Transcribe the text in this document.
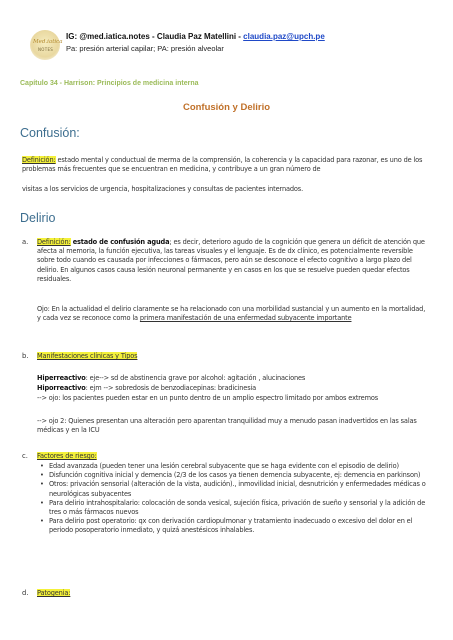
Med.iatica
NOTES
IG: @med.iatica.notes - Claudia Paz Matellini - claudia.paz@upch.pe
Pa: presión arterial capilar; PA: presión alveolar
Capítulo 34 - Harrison: Principios de medicina interna
Confusión y Delirio
Confusión:
Definición: estado mental y conductual de merma de la comprensión, la coherencia y la capacidad para razonar, es uno de los problemas más frecuentes que se encuentran en medicina, y contribuye a un gran número de
visitas a los servicios de urgencia, hospitalizaciones y consultas de pacientes internados.
Delirio
a. Definición: estado de confusión aguda; es decir, deterioro agudo de la cognición que genera un déficit de atención que afecta al memoria, la función ejecutiva, las tareas visuales y el lenguaje. Es de dx clínico, es potencialmente reversible sobre todo cuando es causada por infecciones o fármacos, pero aún se desconoce el efecto cognitivo a largo plazo del delirio. En algunos casos causa lesión neuronal permanente y en casos en los que se resuelve pueden quedar efectos residuales.
Ojo: En la actualidad el delirio claramente se ha relacionado con una morbilidad sustancial y un aumento en la mortalidad, y cada vez se reconoce como la primera manifestación de una enfermedad subyacente importante
b. Manifestaciones clínicas y Tipos
Hiperreactivo: eje--> sd de abstinencia grave por alcohol: agitación , alucinaciones
Hiporreactivo: ejm --> sobredosis de benzodiacepinas: bradicinesia
--> ojo: los pacientes pueden estar en un punto dentro de un amplio espectro limitado por ambos extremos
--> ojo 2: Quienes presentan una alteración pero aparentan tranquilidad muy a menudo pasan inadvertidos en las salas médicas y en la ICU
c. Factores de riesgo:
• Edad avanzada (pueden tener una lesión cerebral subyacente que se haga evidente con el episodio de delirio)
• Disfunción cognitiva inicial y demencia (2/3 de los casos ya tienen demencia subyacente, ej: demencia en parkinson)
• Otros: privación sensorial (alteración de la vista, audición)., inmovilidad inicial, desnutrición y enfermedades médicas o neurológicas subyacentes
• Para delirio intrahospitalario: colocación de sonda vesical, sujeción física, privación de sueño y sensorial y la adición de tres o más fármacos nuevos
• Para delirio post operatorio: qx con derivación cardiopulmonar y tratamiento inadecuado o excesivo del dolor en el periodo posoperatorio inmediato, y quizá anestésicos inhalables.
d. Patogenia:
